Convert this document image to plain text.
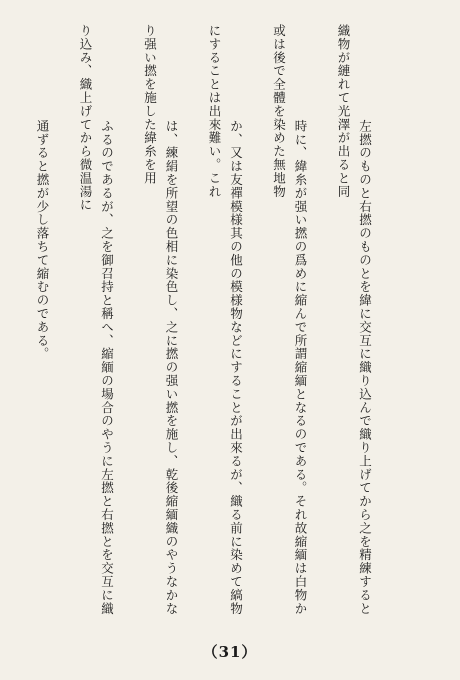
左撚のものと右撚のものとを緯に交互に織り込んで織り上げてから之を精練すると織物が縺れて光澤が出ると同

時に、緯糸が强い撚の爲めに縮んで所謂縮緬となるのである。それ故縮緬は白物か或は後で全體を染めた無地物

か、又は友禪模様其の他の模様物などにすることが出來るが、織る前に染めて縞物にすることは出來難い。これ

は、練絹を所望の色相に染色し、之に撚の强い撚を施し、乾後縮緬織のやうなかなり强い撚を施した緯糸を用

ふるのであるが、之を御召持と稱へ、縮緬の場合のやうに左撚と右撚とを交互に織り込み、織上げてから微温湯に

通ずると撚が少し落ちて縮むのである。

（31）
